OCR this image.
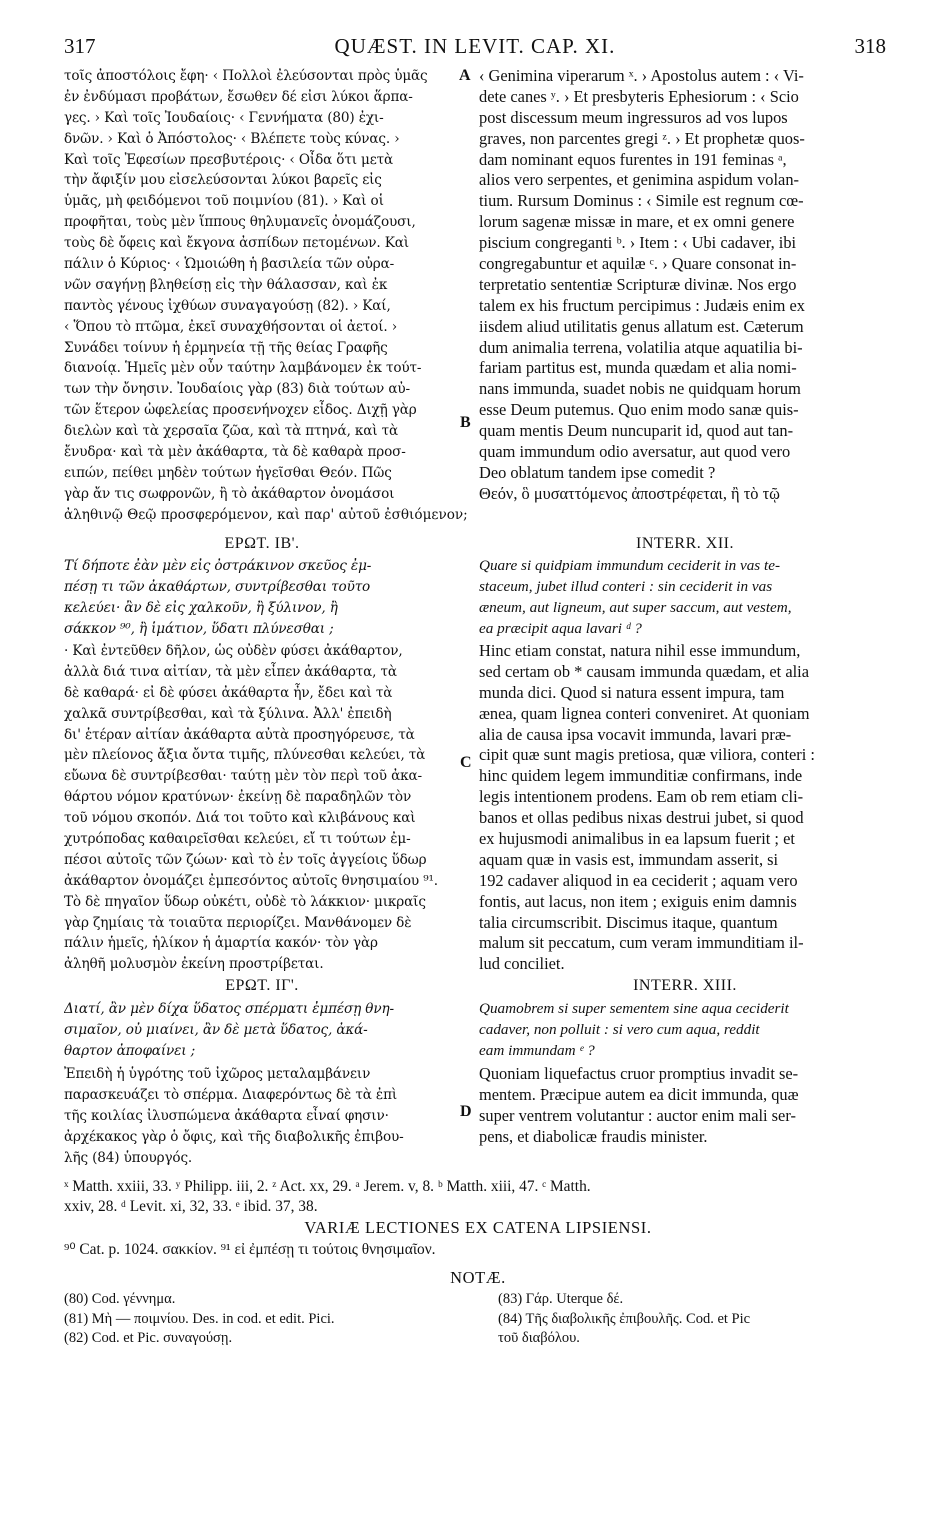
317	QUÆST. IN LEVIT. CAP. XI.	318
A
B
C
D
τοῖς ἀποστόλοις ἔφη· ‹ Πολλοὶ ἐλεύσονται πρὸς ὑμᾶς
ἐν ἐνδύμασι προβάτων, ἔσωθεν δέ εἰσι λύκοι ἅρπα-
γες. › Καὶ τοῖς Ἰουδαίοις· ‹ Γεννήματα (80) ἐχι-
δνῶν. › Καὶ ὁ Ἀπόστολος· ‹ Βλέπετε τοὺς κύνας. ›
Καὶ τοῖς Ἐφεσίων πρεσβυτέροις· ‹ Οἶδα ὅτι μετὰ
τὴν ἄφιξίν μου εἰσελεύσονται λύκοι βαρεῖς εἰς
ὑμᾶς, μὴ φειδόμενοι τοῦ ποιμνίου (81). › Καὶ οἱ
προφῆται, τοὺς μὲν ἵππους θηλυμανεῖς ὀνομάζουσι,
τοὺς δὲ ὄφεις καὶ ἔκγονα ἀσπίδων πετομένων. Καὶ
πάλιν ὁ Κύριος· ‹ Ὡμοιώθη ἡ βασιλεία τῶν οὐρα-
νῶν σαγήνῃ βληθείσῃ εἰς τὴν θάλασσαν, καὶ ἐκ
παντὸς γένους ἰχθύων συναγαγούσῃ (82). › Καί,
‹ Ὅπου τὸ πτῶμα, ἐκεῖ συναχθήσονται οἱ ἀετοί. ›
Συνάδει τοίνυν ἡ ἑρμηνεία τῇ τῆς θείας Γραφῆς
διανοίᾳ. Ἡμεῖς μὲν οὖν ταύτην λαμβάνομεν ἐκ τούτ-
των τὴν ὄνησιν. Ἰουδαίοις γὰρ (83) διὰ τούτων αὐ-
τῶν ἕτερον ὠφελείας προσενήνοχεν εἶδος. Διχῇ γὰρ
διελὼν καὶ τὰ χερσαῖα ζῶα, καὶ τὰ πτηνά, καὶ τὰ
ἔνυδρα· καὶ τὰ μὲν ἀκάθαρτα, τὰ δὲ καθαρὰ προσ-
ειπών, πείθει μηδὲν τούτων ἡγεῖσθαι Θεόν. Πῶς
γὰρ ἄν τις σωφρονῶν, ἢ τὸ ἀκάθαρτον ὀνομάσοι
‹ Genimina viperarum ˣ. › Apostolus autem : ‹ Vi-
dete canes ʸ. › Et presbyteris Ephesiorum : ‹ Scio
post discessum meum ingressuros ad vos lupos
graves, non parcentes gregi ᶻ. › Et prophetæ quos-
dam nominant equos furentes in 191 feminas ᵃ,
alios vero serpentes, et genimina aspidum volan-
tium. Rursum Dominus : ‹ Simile est regnum cœ-
lorum sagenæ missæ in mare, et ex omni genere
piscium congreganti ᵇ. › Item : ‹ Ubi cadaver, ibi
congregabuntur et aquilæ ᶜ. › Quare consonat in-
terpretatio sententiæ Scripturæ divinæ. Nos ergo
talem ex his fructum percipimus : Judæis enim ex
iisdem aliud utilitatis genus allatum est. Cæterum
dum animalia terrena, volatilia atque aquatilia bi-
fariam partitus est, munda quædam et alia nomi-
nans immunda, suadet nobis ne quidquam horum
esse Deum putemus. Quo enim modo sanæ quis-
quam mentis Deum nuncuparit id, quod aut tan-
quam immundum odio aversatur, aut quod vero
Deo oblatum tandem ipse comedit ?
Θεόν, ὃ μυσαττόμενος ἀποστρέφεται, ἢ τὸ τῷ
ἀληθινῷ Θεῷ προσφερόμενον, καὶ παρ' αὐτοῦ ἐσθιόμενον;
ΕΡΩΤ. ΙΒ'.	INTERR. XII.
Τί δήποτε ἐὰν μὲν εἰς ὀστράκινον σκεῦος ἐμ-
πέσῃ τι τῶν ἀκαθάρτων, συντρίβεσθαι τοῦτο
κελεύει· ἂν δὲ εἰς χαλκοῦν, ἢ ξύλινον, ἢ
σάκκον ⁹⁰, ἢ ἱμάτιον, ὕδατι πλύνεσθαι ;
Quare si quidpiam immundum ceciderit in vas te-
staceum, jubet illud conteri : sin ceciderit in vas
æneum, aut ligneum, aut super saccum, aut vestem,
ea præcipit aqua lavari ᵈ ?
· Καὶ ἐντεῦθεν δῆλον, ὡς οὐδὲν φύσει ἀκάθαρτον,
ἀλλὰ διά τινα αἰτίαν, τὰ μὲν εἶπεν ἀκάθαρτα, τὰ
δὲ καθαρά· εἰ δὲ φύσει ἀκάθαρτα ἦν, ἔδει καὶ τὰ
χαλκᾶ συντρίβεσθαι, καὶ τὰ ξύλινα. Ἀλλ' ἐπειδὴ
δι' ἑτέραν αἰτίαν ἀκάθαρτα αὐτὰ προσηγόρευσε, τὰ
μὲν πλείονος ἄξια ὄντα τιμῆς, πλύνεσθαι κελεύει, τὰ
εὔωνα δὲ συντρίβεσθαι· ταύτῃ μὲν τὸν περὶ τοῦ ἀκα-
θάρτου νόμον κρατύνων· ἐκείνῃ δὲ παραδηλῶν τὸν
τοῦ νόμου σκοπόν. Διά τοι τοῦτο καὶ κλιβάνους καὶ
χυτρόποδας καθαιρεῖσθαι κελεύει, εἴ τι τούτων ἐμ-
πέσοι αὐτοῖς τῶν ζώων· καὶ τὸ ἐν τοῖς ἀγγείοις ὕδωρ
ἀκάθαρτον ὀνομάζει ἐμπεσόντος αὐτοῖς θνησιμαίου ⁹¹.
Τὸ δὲ πηγαῖον ὕδωρ οὐκέτι, οὐδὲ τὸ λάκκιον· μικραῖς
γὰρ ζημίαις τὰ τοιαῦτα περιορίζει. Μανθάνομεν δὲ
πάλιν ἡμεῖς, ἡλίκον ἡ ἁμαρτία κακόν· τὸν γὰρ
ἀληθῆ μολυσμὸν ἐκείνη προστρίβεται.
Hinc etiam constat, natura nihil esse immundum,
sed certam ob * causam immunda quædam, et alia
munda dici. Quod si natura essent impura, tam
ænea, quam lignea conteri conveniret. At quoniam
alia de causa ipsa vocavit immunda, lavari præ-
cipit quæ sunt magis pretiosa, quæ viliora, conteri :
hinc quidem legem immunditiæ confirmans, inde
legis intentionem prodens. Eam ob rem etiam cli-
banos et ollas pedibus nixas destrui jubet, si quod
ex hujusmodi animalibus in ea lapsum fuerit ; et
aquam quæ in vasis est, immundam asserit, si
192 cadaver aliquod in ea ceciderit ; aquam vero
fontis, aut lacus, non item ; exiguis enim damnis
talia circumscribit. Discimus itaque, quantum
malum sit peccatum, cum veram immunditiam il-
lud conciliet.
ΕΡΩΤ. ΙΓ'.	INTERR. XIII.
Διατί, ἂν μὲν δίχα ὕδατος σπέρματι ἐμπέσῃ θνη-
σιμαῖον, οὐ μιαίνει, ἂν δὲ μετὰ ὕδατος, ἀκά-
θαρτον ἀποφαίνει ;
Quamobrem si super sementem sine aqua ceciderit
cadaver, non polluit : si vero cum aqua, reddit
eam immundam ᵉ ?
Ἐπειδὴ ἡ ὑγρότης τοῦ ἰχῶρος μεταλαμβάνειν
παρασκευάζει τὸ σπέρμα. Διαφερόντως δὲ τὰ ἐπὶ
τῆς κοιλίας ἰλυσπώμενα ἀκάθαρτα εἶναί φησιν·
ἀρχέκακος γὰρ ὁ ὄφις, καὶ τῆς διαβολικῆς ἐπιβου-
λῆς (84) ὑπουργός.
Quoniam liquefactus cruor promptius invadit se-
mentem. Præcipue autem ea dicit immunda, quæ
super ventrem volutantur : auctor enim mali ser-
pens, et diabolicæ fraudis minister.
ˣ Matth. xxiii, 33. ʸ Philipp. iii, 2. ᶻ Act. xx, 29. ᵃ Jerem. v, 8. ᵇ Matth. xiii, 47. ᶜ Matth.
xxiv, 28. ᵈ Levit. xi, 32, 33. ᵉ ibid. 37, 38.
VARIÆ LECTIONES EX CATENA LIPSIENSI.
⁹⁰ Cat. p. 1024. σακκίον. ⁹¹ εἰ ἐμπέσῃ τι τούτοις θνησιμαῖον.
NOTÆ.
(80) Cod. γέννημα.
(81) Μὴ — ποιμνίου. Des. in cod. et edit. Pici.
(82) Cod. et Pic. συναγούσῃ.
(83) Γάρ. Uterque δέ.
(84) Τῆς διαβολικῆς ἐπιβουλῆς. Cod. et Pic
τοῦ διαβόλου.
